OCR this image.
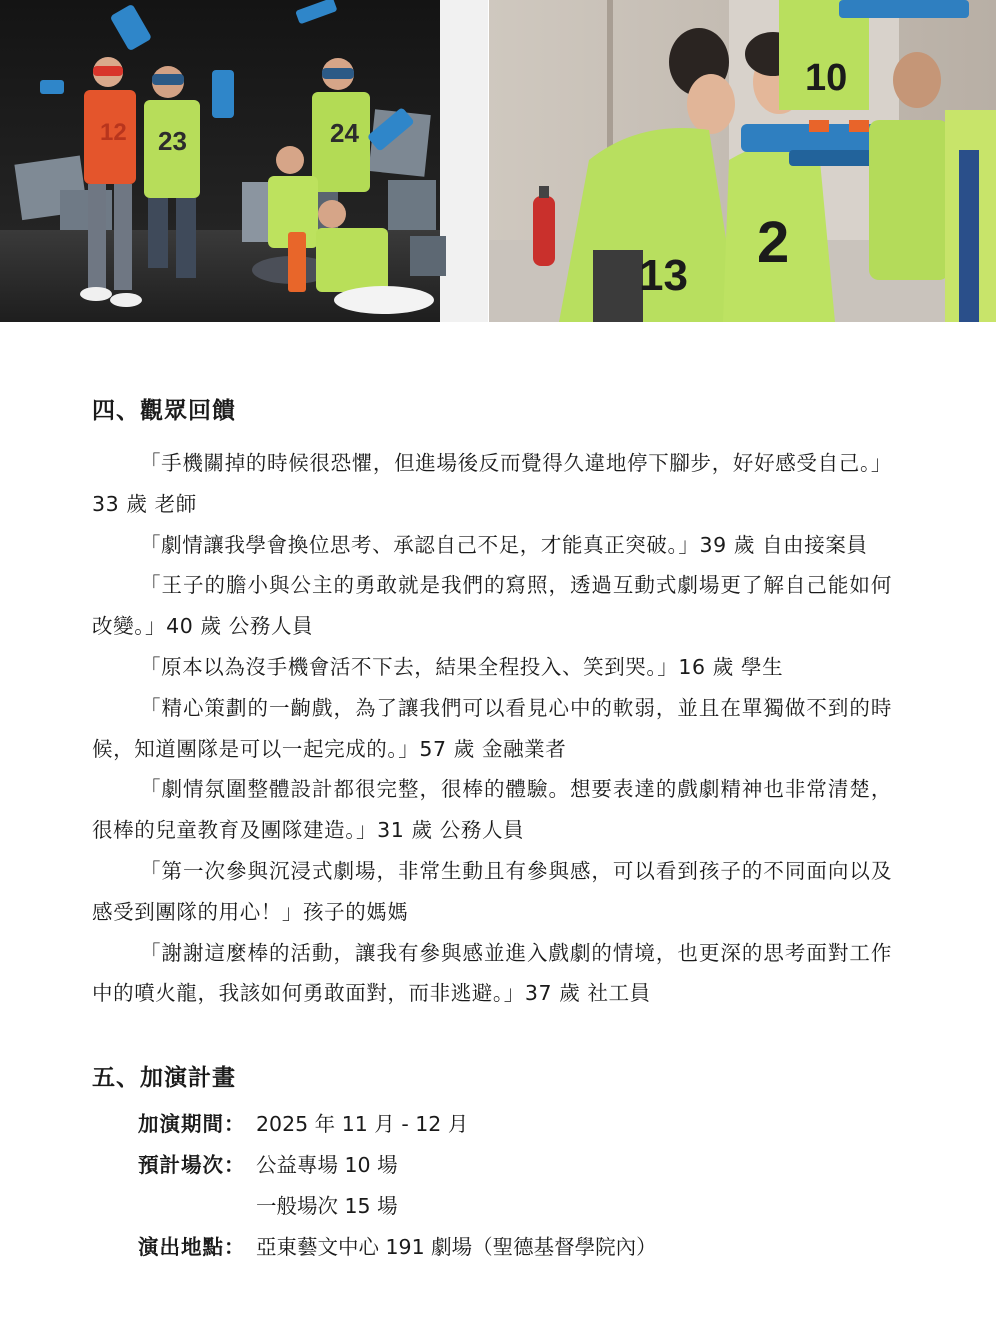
12 23	24
13
2
10
四、觀眾回饋

「手機關掉的時候很恐懼，但進場後反而覺得久違地停下腳步，好好感受自己。」 33 歲 老師

「劇情讓我學會換位思考、承認自己不足，才能真正突破。」39 歲 自由接案員

「王子的膽小與公主的勇敢就是我們的寫照，透過互動式劇場更了解自己能如何改變。」40 歲 公務人員

「原本以為沒手機會活不下去，結果全程投入、笑到哭。」16 歲 學生

「精心策劃的一齣戲，為了讓我們可以看見心中的軟弱，並且在單獨做不到的時候，知道團隊是可以一起完成的。」57 歲 金融業者

「劇情氛圍整體設計都很完整，很棒的體驗。想要表達的戲劇精神也非常清楚，很棒的兒童教育及團隊建造。」31 歲 公務人員

「第一次參與沉浸式劇場，非常生動且有參與感，可以看到孩子的不同面向以及感受到團隊的用心！」孩子的媽媽

「謝謝這麼棒的活動，讓我有參與感並進入戲劇的情境，也更深的思考面對工作中的噴火龍，我該如何勇敢面對，而非逃避。」37 歲 社工員

五、加演計畫
加演期間： 2025 年 11 月 - 12 月
預計場次： 公益專場 10 場
一般場次 15 場
演出地點： 亞東藝文中心 191 劇場（聖德基督學院內）
